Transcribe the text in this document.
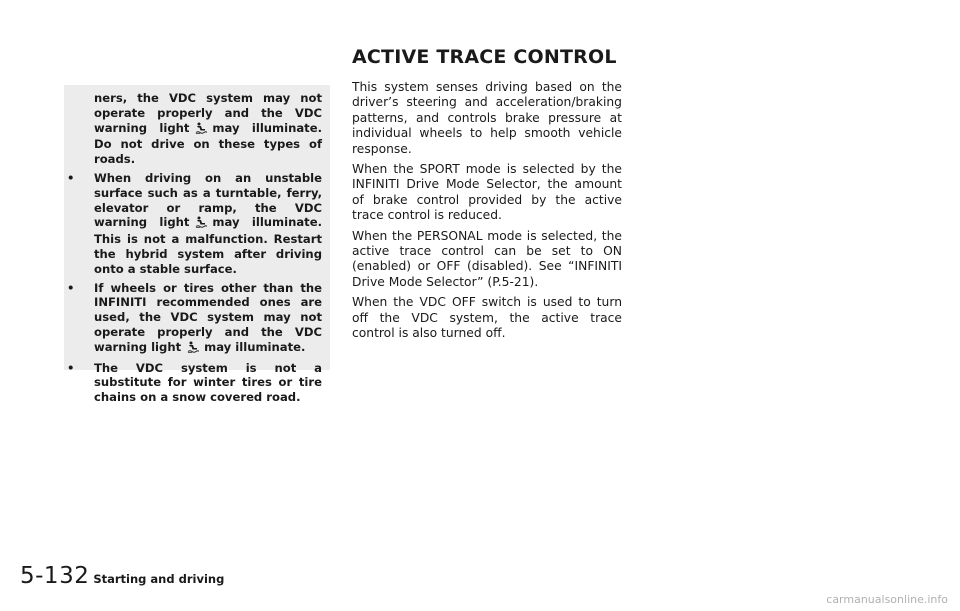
ners, the VDC system may not operate properly and the VDC warning light may illuminate. Do not drive on these types of roads.

• When driving on an unstable surface such as a turntable, ferry, elevator or ramp, the VDC warning light may illuminate. This is not a malfunction. Restart the hybrid system after driving onto a stable surface.

• If wheels or tires other than the INFINITI recommended ones are used, the VDC system may not operate properly and the VDC warning light may illuminate.

• The VDC system is not a substitute for winter tires or tire chains on a snow covered road.

ACTIVE TRACE CONTROL

This system senses driving based on the driver’s steering and acceleration/braking patterns, and controls brake pressure at individual wheels to help smooth vehicle response.

When the SPORT mode is selected by the INFINITI Drive Mode Selector, the amount of brake control provided by the active trace control is reduced.

When the PERSONAL mode is selected, the active trace control can be set to ON (enabled) or OFF (disabled). See “INFINITI Drive Mode Selector” (P.5-21).

When the VDC OFF switch is used to turn off the VDC system, the active trace control is also turned off.

5-132 Starting and driving
carmanualsonline.info
